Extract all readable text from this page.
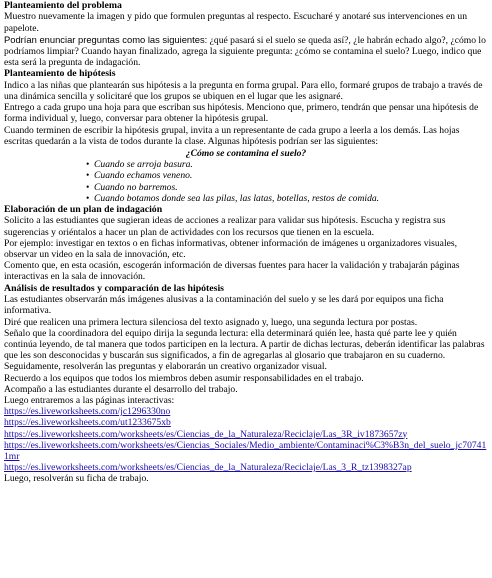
Planteamiento del problema

Muestro nuevamente la imagen y pido que formulen preguntas al respecto. Escucharé y anotaré sus intervenciones en un papelote.

Podrían enunciar preguntas como las siguientes: ¿qué pasará si el suelo se queda así?, ¿le habrán echado algo?, ¿cómo lo podríamos limpiar? Cuando hayan finalizado, agrega la siguiente pregunta: ¿cómo se contamina el suelo? Luego, indico que esta será la pregunta de indagación.

Planteamiento de hipótesis

Indico a las niñas que plantearán sus hipótesis a la pregunta en forma grupal. Para ello, formaré grupos de trabajo a través de una dinámica sencilla y solicitaré que los grupos se ubiquen en el lugar que les asignaré.

Entrego a cada grupo una hoja para que escriban sus hipótesis. Menciono que, primero, tendrán que pensar una hipótesis de forma individual y, luego, conversar para obtener la hipótesis grupal.

Cuando terminen de escribir la hipótesis grupal, invita a un representante de cada grupo a leerla a los demás. Las hojas escritas quedarán a la vista de todos durante la clase. Algunas hipótesis podrían ser las siguientes:

¿Cómo se contamina el suelo?

• Cuando se arroja basura.
• Cuando echamos veneno.
• Cuando no barremos.
• Cuando botamos donde sea las pilas, las latas, botellas, restos de comida.
Elaboración de un plan de indagación

Solicito a las estudiantes que sugieran ideas de acciones a realizar para validar sus hipótesis. Escucha y registra sus sugerencias y oriéntalos a hacer un plan de actividades con los recursos que tienen en la escuela.

Por ejemplo: investigar en textos o en fichas informativas, obtener información de imágenes u organizadores visuales, observar un video en la sala de innovación, etc.

Comento que, en esta ocasión, escogerán información de diversas fuentes para hacer la validación y trabajarán páginas interactivas en la sala de innovación.

Análisis de resultados y comparación de las hipótesis

Las estudiantes observarán más imágenes alusivas a la contaminación del suelo y se les dará por equipos una ficha informativa.

Diré que realicen una primera lectura silenciosa del texto asignado y, luego, una segunda lectura por postas.

Señalo que la coordinadora del equipo dirija la segunda lectura: ella determinará quién lee, hasta qué parte lee y quién continúa leyendo, de tal manera que todos participen en la lectura. A partir de dichas lecturas, deberán identificar las palabras que les son desconocidas y buscarán sus significados, a fin de agregarlas al glosario que trabajaron en su cuaderno. Seguidamente, resolverán las preguntas y elaborarán un creativo organizador visual.

Recuerdo a los equipos que todos los miembros deben asumir responsabilidades en el trabajo.

Acompaño a las estudiantes durante el desarrollo del trabajo.

Luego entraremos a las páginas interactivas:

https://es.liveworksheets.com/jc1296330no
https://es.liveworksheets.com/ut1233675xb
https://es.liveworksheets.com/worksheets/es/Ciencias_de_la_Naturaleza/Reciclaje/Las_3R_iv1873657zy
https://es.liveworksheets.com/worksheets/es/Ciencias_Sociales/Medio_ambiente/Contaminaci%C3%B3n_del_suelo_jc707411mr
https://es.liveworksheets.com/worksheets/es/Ciencias_de_la_Naturaleza/Reciclaje/Las_3_R_tz1398327ap

Luego, resolverán su ficha de trabajo.
